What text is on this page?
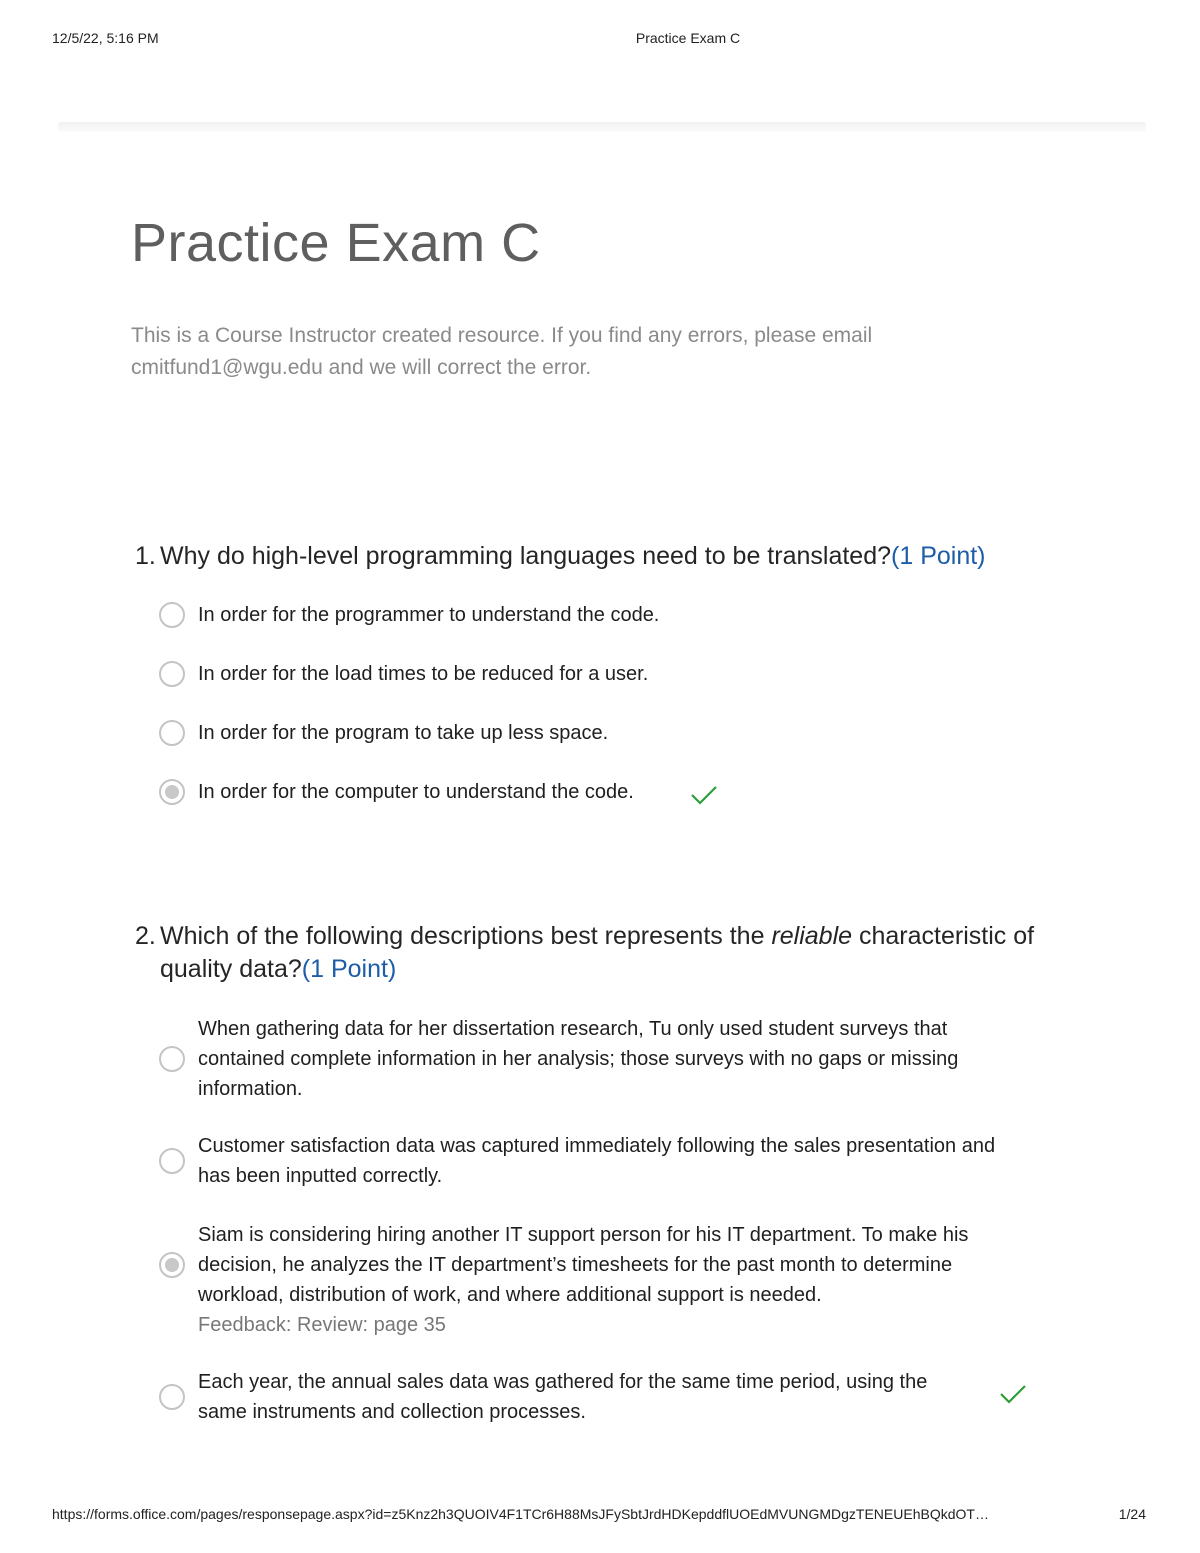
12/5/22, 5:16 PM	Practice Exam C
Practice Exam C

This is a Course Instructor created resource. If you find any errors, please email cmitfund1@wgu.edu and we will correct the error.

1. Why do high-level programming languages need to be translated?(1 Point)
In order for the programmer to understand the code.
In order for the load times to be reduced for a user.
In order for the program to take up less space.
In order for the computer to understand the code.
2. Which of the following descriptions best represents the reliable characteristic of quality data?(1 Point)
When gathering data for her dissertation research, Tu only used student surveys that contained complete information in her analysis; those surveys with no gaps or missing information.
Customer satisfaction data was captured immediately following the sales presentation and has been inputted correctly.
Siam is considering hiring another IT support person for his IT department. To make his decision, he analyzes the IT department’s timesheets for the past month to determine workload, distribution of work, and where additional support is needed.
Feedback: Review: page 35
Each year, the annual sales data was gathered for the same time period, using the same instruments and collection processes.
https://forms.office.com/pages/responsepage.aspx?id=z5Knz2h3QUOIV4F1TCr6H88MsJFySbtJrdHDKepddflUOEdMVUNGMDgzTENEUEhBQkdOT…	1/24
